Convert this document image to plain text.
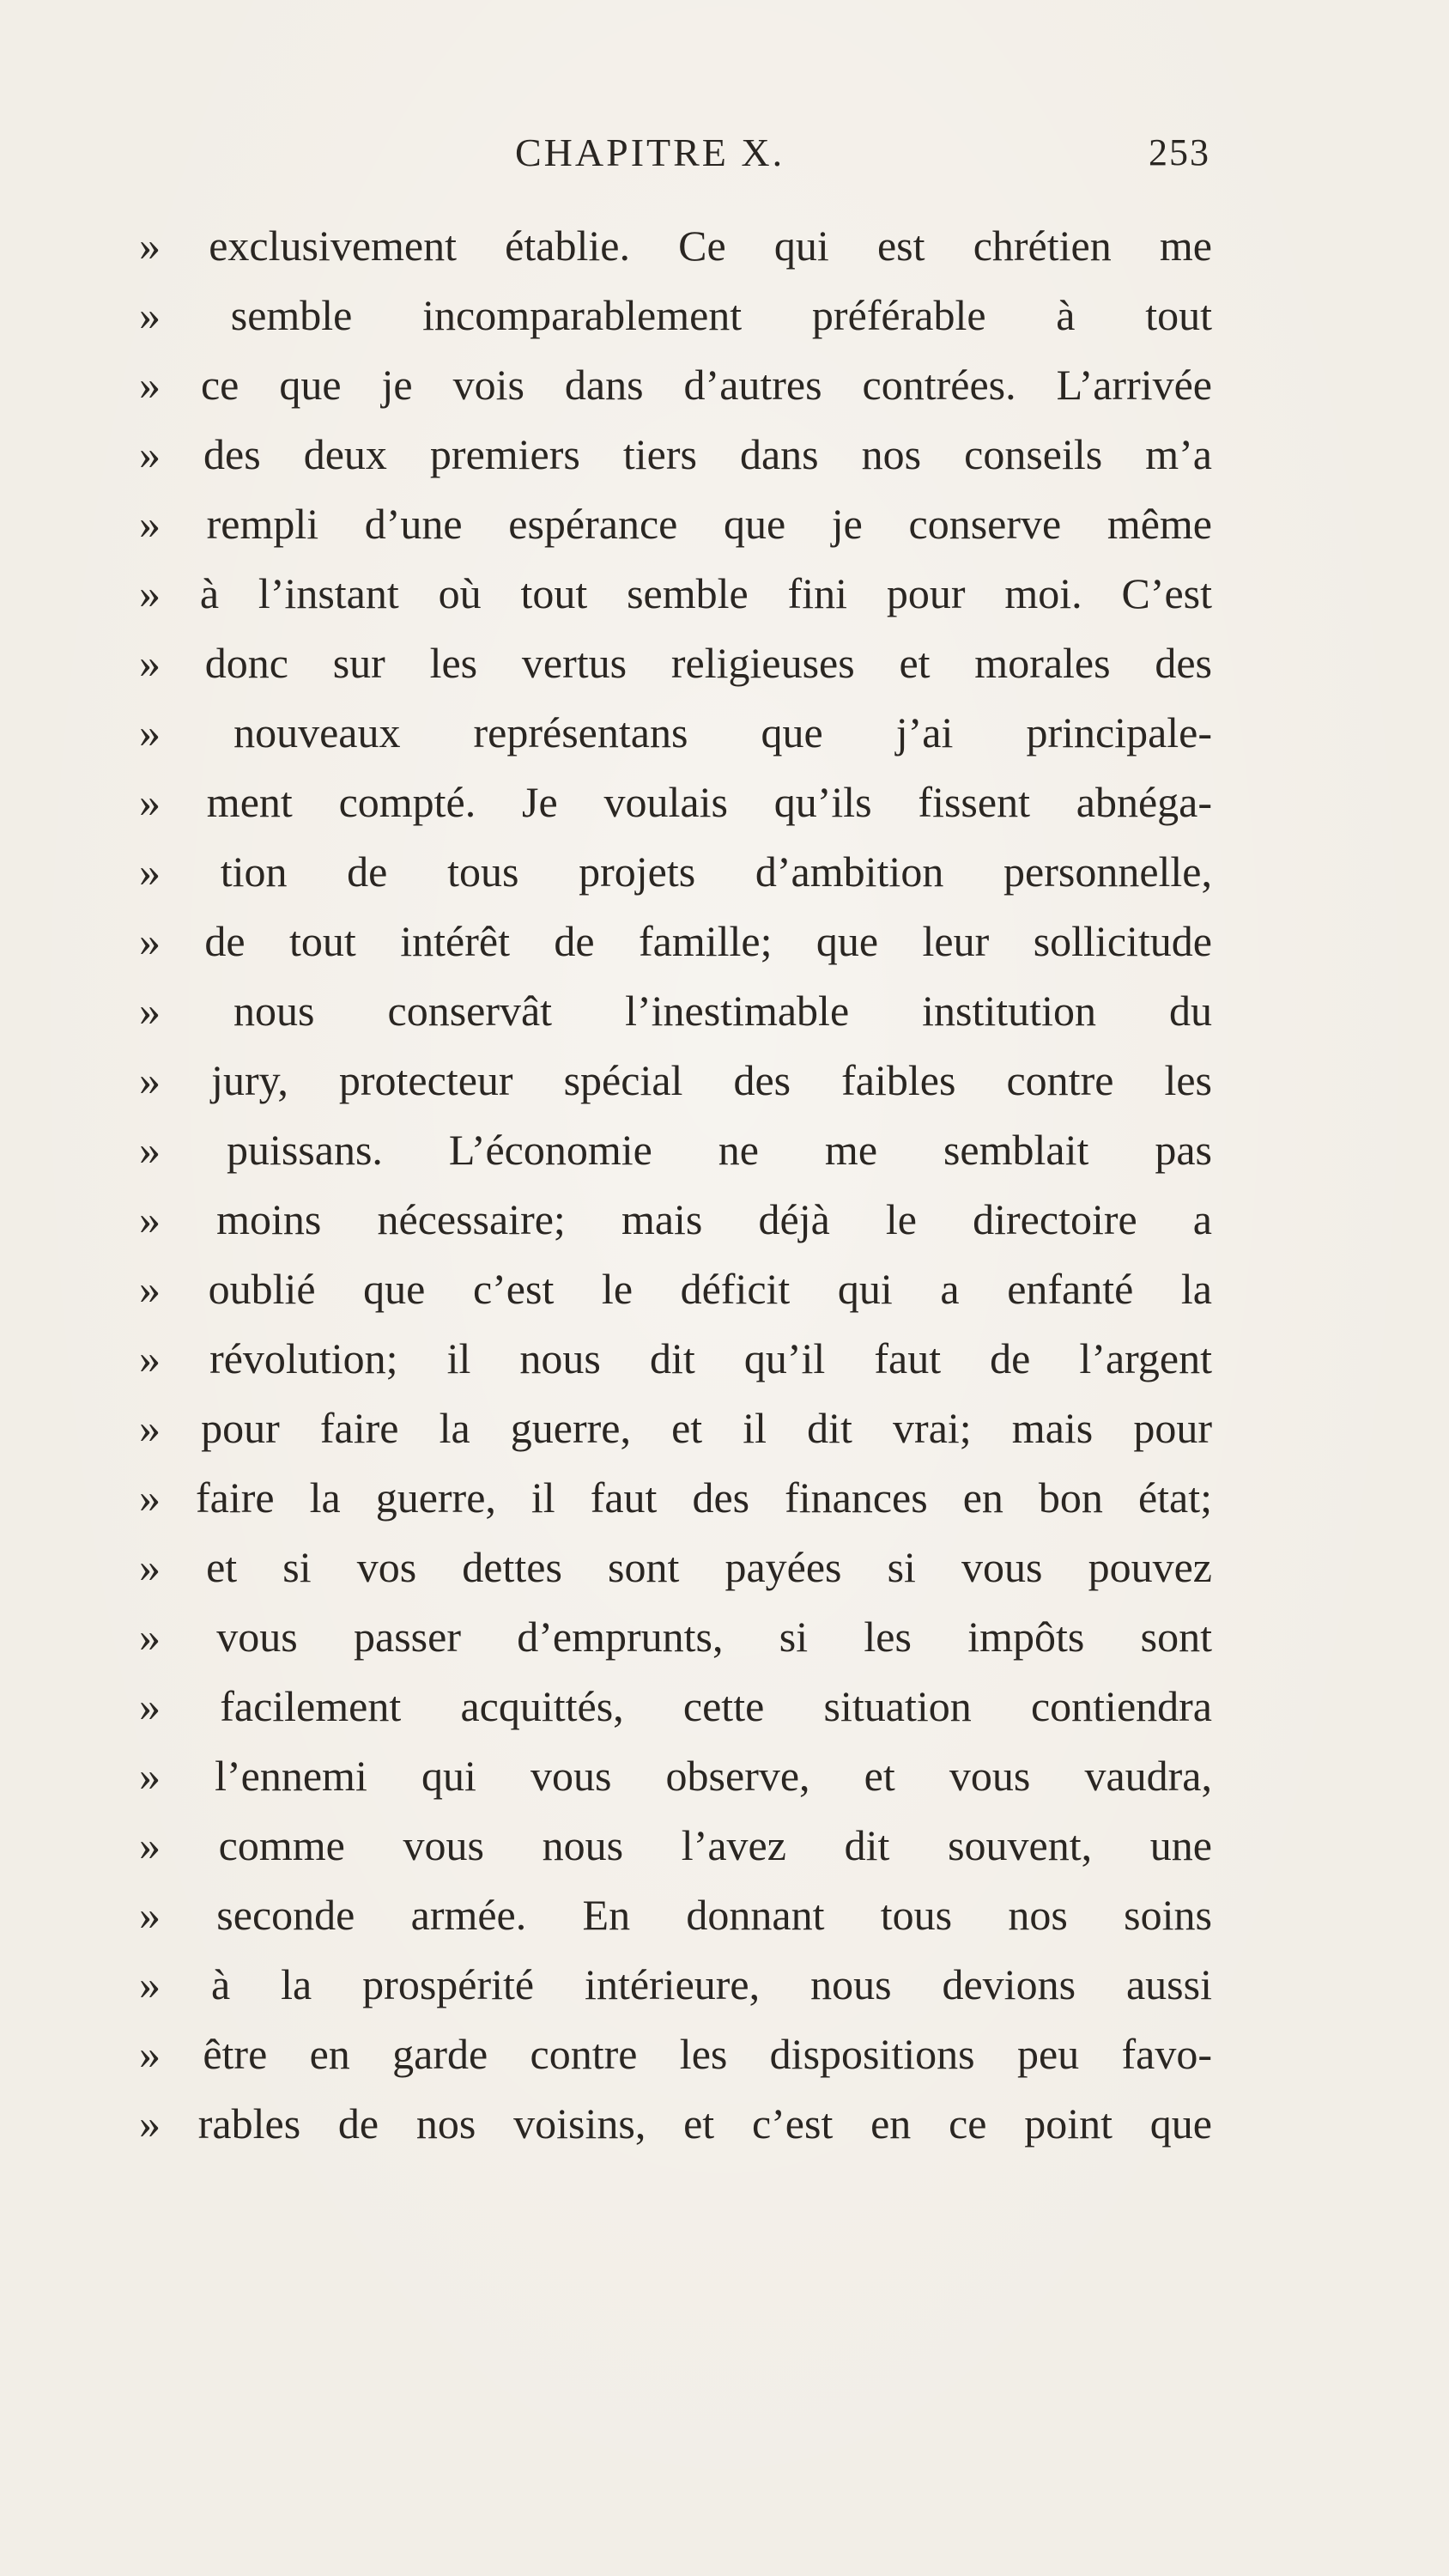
CHAPITRE X.	253
» exclusivement établie. Ce qui est chrétien me
» semble incomparablement préférable à tout
» ce que je vois dans d’autres contrées. L’arrivée
» des deux premiers tiers dans nos conseils m’a
» rempli d’une espérance que je conserve même
» à l’instant où tout semble fini pour moi. C’est
» donc sur les vertus religieuses et morales des
» nouveaux représentans que j’ai principale-
» ment compté. Je voulais qu’ils fissent abnéga-
» tion de tous projets d’ambition personnelle,
» de tout intérêt de famille; que leur sollicitude
» nous conservât l’inestimable institution du
» jury, protecteur spécial des faibles contre les
» puissans. L’économie ne me semblait pas
» moins nécessaire; mais déjà le directoire a
» oublié que c’est le déficit qui a enfanté la
» révolution; il nous dit qu’il faut de l’argent
» pour faire la guerre, et il dit vrai; mais pour
» faire la guerre, il faut des finances en bon état;
» et si vos dettes sont payées si vous pouvez
» vous passer d’emprunts, si les impôts sont
» facilement acquittés, cette situation contiendra
» l’ennemi qui vous observe, et vous vaudra,
» comme vous nous l’avez dit souvent, une
» seconde armée. En donnant tous nos soins
» à la prospérité intérieure, nous devions aussi
» être en garde contre les dispositions peu favo-
» rables de nos voisins, et c’est en ce point que
